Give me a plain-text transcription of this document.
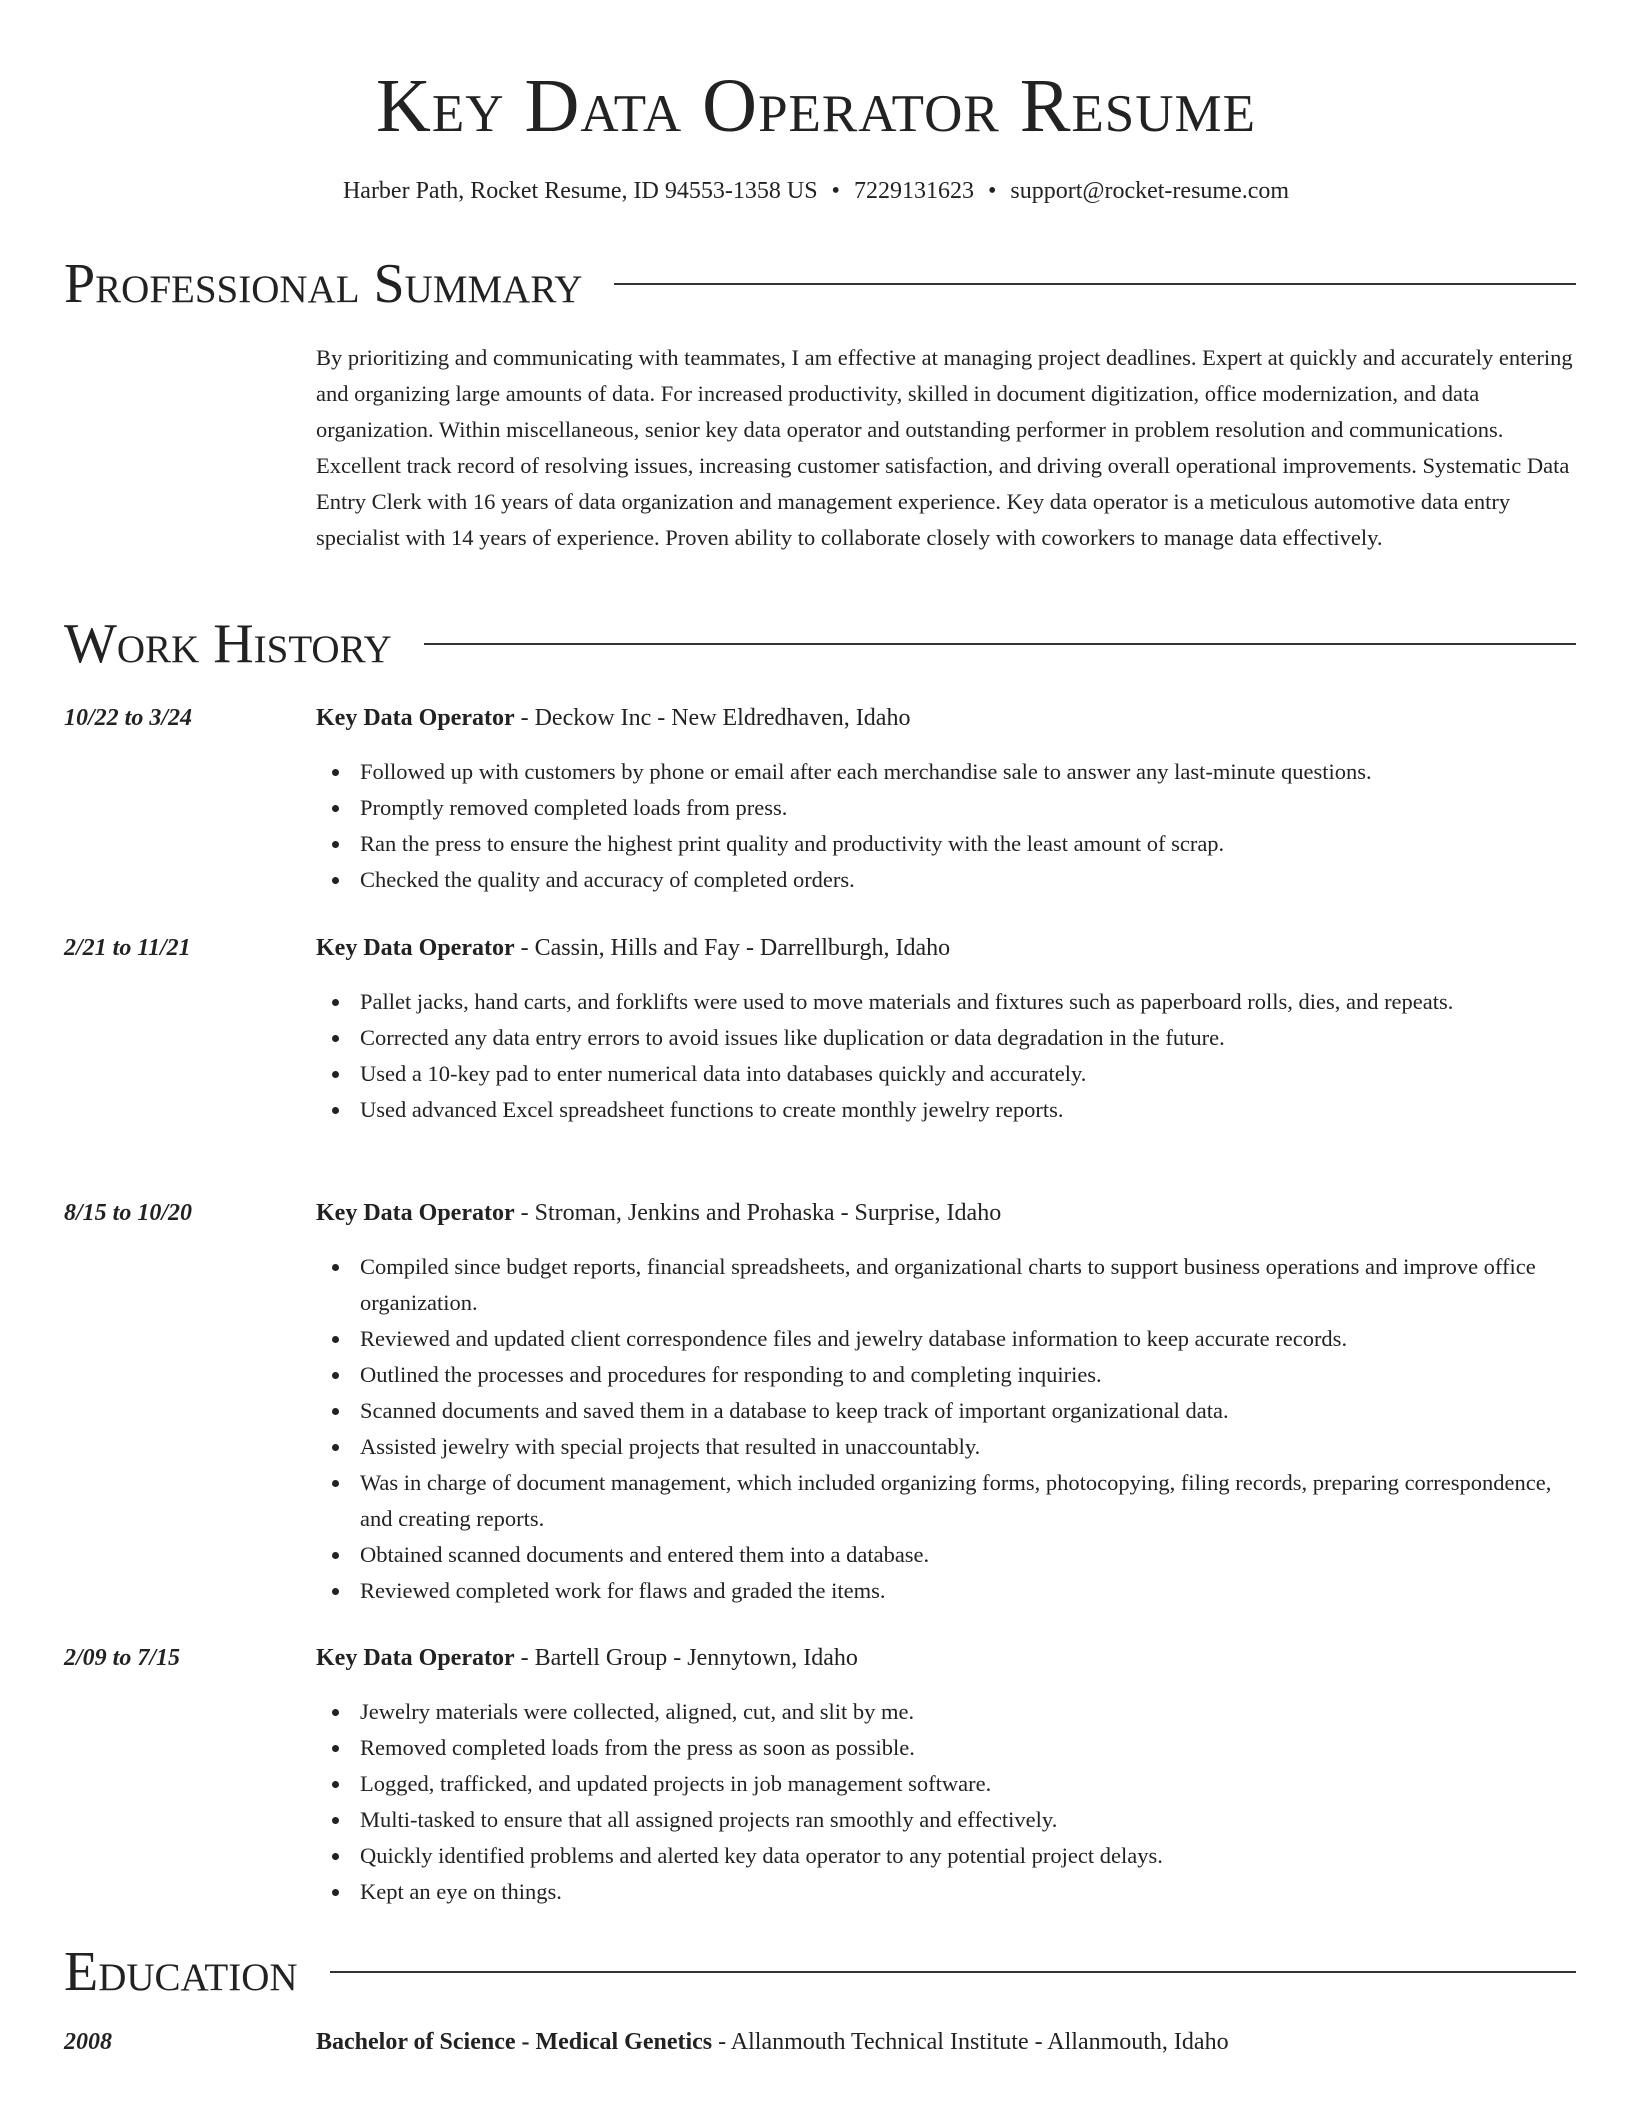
Key Data Operator Resume
Harber Path, Rocket Resume, ID 94553-1358 US • 7229131623 • support@rocket-resume.com
Professional Summary

By prioritizing and communicating with teammates, I am effective at managing project deadlines. Expert at quickly and accurately entering and organizing large amounts of data. For increased productivity, skilled in document digitization, office modernization, and data organization. Within miscellaneous, senior key data operator and outstanding performer in problem resolution and communications. Excellent track record of resolving issues, increasing customer satisfaction, and driving overall operational improvements. Systematic Data Entry Clerk with 16 years of data organization and management experience. Key data operator is a meticulous automotive data entry specialist with 14 years of experience. Proven ability to collaborate closely with coworkers to manage data effectively.

Work History
10/22 to 3/24	Key Data Operator - Deckow Inc - New Eldredhaven, Idaho
Followed up with customers by phone or email after each merchandise sale to answer any last-minute questions.
Promptly removed completed loads from press.
Ran the press to ensure the highest print quality and productivity with the least amount of scrap.
Checked the quality and accuracy of completed orders.
2/21 to 11/21	Key Data Operator - Cassin, Hills and Fay - Darrellburgh, Idaho
Pallet jacks, hand carts, and forklifts were used to move materials and fixtures such as paperboard rolls, dies, and repeats.
Corrected any data entry errors to avoid issues like duplication or data degradation in the future.
Used a 10-key pad to enter numerical data into databases quickly and accurately.
Used advanced Excel spreadsheet functions to create monthly jewelry reports.
8/15 to 10/20	Key Data Operator - Stroman, Jenkins and Prohaska - Surprise, Idaho
Compiled since budget reports, financial spreadsheets, and organizational charts to support business operations and improve office organization.
Reviewed and updated client correspondence files and jewelry database information to keep accurate records.
Outlined the processes and procedures for responding to and completing inquiries.
Scanned documents and saved them in a database to keep track of important organizational data.
Assisted jewelry with special projects that resulted in unaccountably.
Was in charge of document management, which included organizing forms, photocopying, filing records, preparing correspondence, and creating reports.
Obtained scanned documents and entered them into a database.
Reviewed completed work for flaws and graded the items.
2/09 to 7/15	Key Data Operator - Bartell Group - Jennytown, Idaho
Jewelry materials were collected, aligned, cut, and slit by me.
Removed completed loads from the press as soon as possible.
Logged, trafficked, and updated projects in job management software.
Multi-tasked to ensure that all assigned projects ran smoothly and effectively.
Quickly identified problems and alerted key data operator to any potential project delays.
Kept an eye on things.
Education
2008	Bachelor of Science - Medical Genetics - Allanmouth Technical Institute - Allanmouth, Idaho
